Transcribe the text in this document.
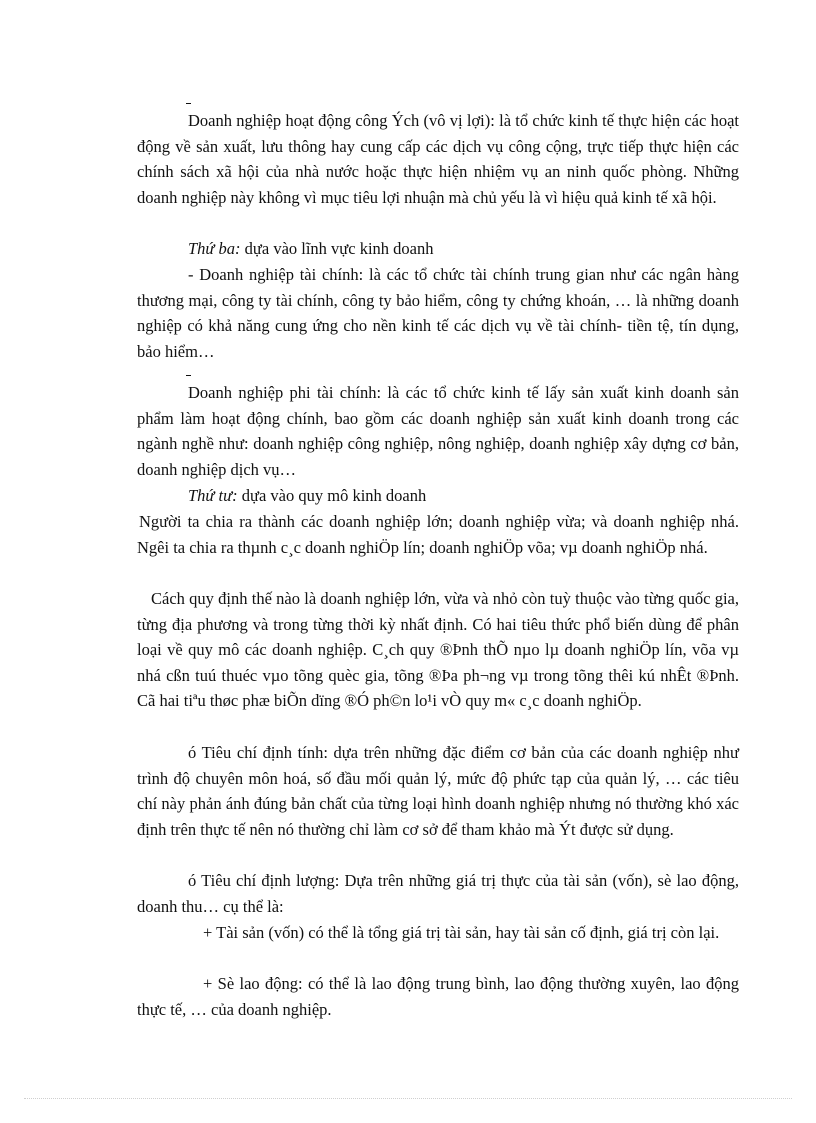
Doanh nghiệp hoạt động công Ých (vô vị lợi): là tổ chức kinh tế thực hiện các hoạt động về sản xuất, lưu thông hay cung cấp các dịch vụ công cộng, trực tiếp thực hiện các chính sách xã hội của nhà nước hoặc thực hiện nhiệm vụ an ninh quốc phòng. Những doanh nghiệp này không vì mục tiêu lợi nhuận mà chủ yếu là vì hiệu quả kinh tế xã hội.

Thứ ba: dựa vào lĩnh vực kinh doanh

- Doanh nghiệp tài chính: là các tổ chức tài chính trung gian như các ngân hàng thương mại, công ty tài chính, công ty bảo hiểm, công ty chứng khoán, … là những doanh nghiệp có khả năng cung ứng cho nền kinh tế các dịch vụ về tài chính- tiền tệ, tín dụng, bảo hiểm…

Doanh nghiệp phi tài chính: là các tổ chức kinh tế lấy sản xuất kinh doanh sản phẩm làm hoạt động chính, bao gồm các doanh nghiệp sản xuất kinh doanh trong các ngành nghề như: doanh nghiệp công nghiệp, nông nghiệp, doanh nghiệp xây dựng cơ bản, doanh nghiệp dịch vụ…

Thứ tư: dựa vào quy mô kinh doanh

Người ta chia ra thành các doanh nghiệp lớn; doanh nghiệp vừa; và doanh nghiệp nhá. Ngêi ta chia ra thµnh c¸c doanh nghiÖp lín; doanh nghiÖp võa; vµ doanh nghiÖp nhá.

Cách quy định thế nào là doanh nghiệp lớn, vừa và nhỏ còn tuỳ thuộc vào từng quốc gia, từng địa phương và trong từng thời kỳ nhất định. Có hai tiêu thức phổ biến dùng để phân loại về quy mô các doanh nghiệp. C¸ch quy ®Þnh thÕ nµo lµ doanh nghiÖp lín, võa vµ nhá cßn tuú thuéc vµo tõng quèc gia, tõng ®Þa ph¬ng vµ trong tõng thêi kú nhÊt ®Þnh. Cã hai tiªu thøc phæ biÕn dïng ®Ó ph©n lo¹i vÒ quy m« c¸c doanh nghiÖp.

ó Tiêu chí định tính: dựa trên những đặc điểm cơ bản của các doanh nghiệp như trình độ chuyên môn hoá, số đầu mối quản lý, mức độ phức tạp của quản lý, … các tiêu chí này phản ánh đúng bản chất của từng loại hình doanh nghiệp nhưng nó thường khó xác định trên thực tế nên nó thường chỉ làm cơ sở để tham khảo mà Ýt được sử dụng.

ó Tiêu chí định lượng: Dựa trên những giá trị thực của tài sản (vốn), sè lao động, doanh thu… cụ thể là:

+ Tài sản (vốn) có thể là tổng giá trị tài sản, hay tài sản cố định, giá trị còn lại.

+ Sè lao động: có thể là lao động trung bình, lao động thường xuyên, lao động thực tế, … của doanh nghiệp.
